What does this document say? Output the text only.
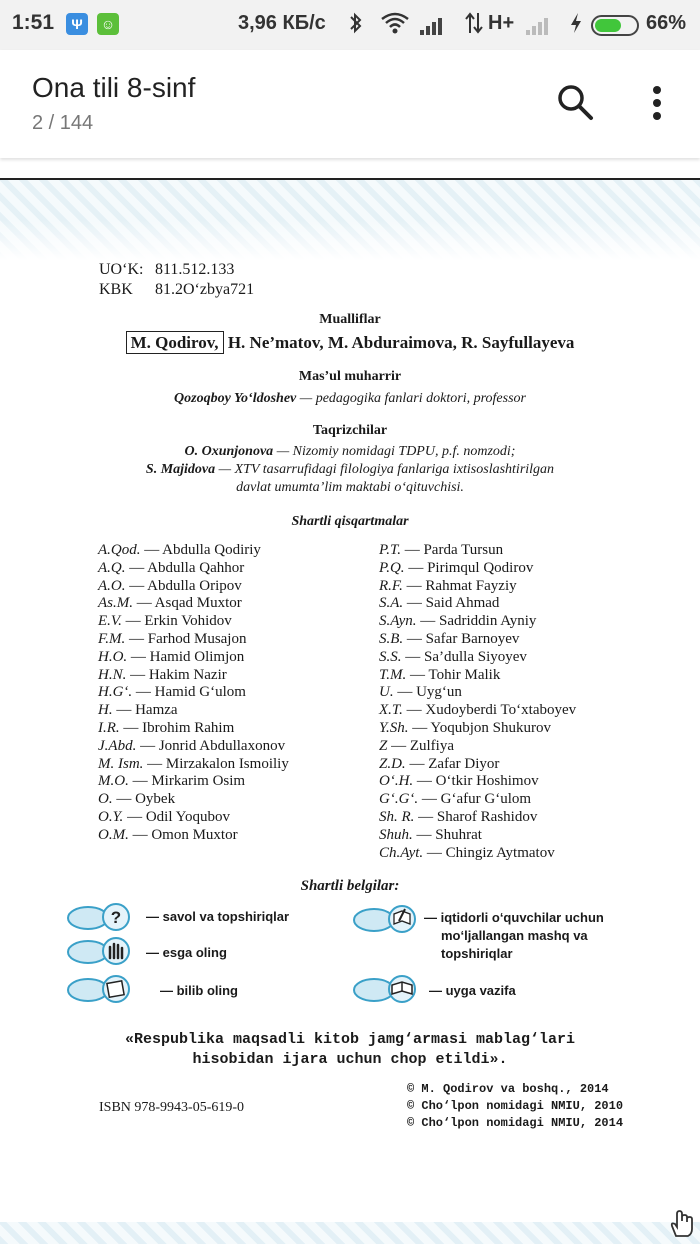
1:51	Ψ	☺	3,96 КБ/с	H+	66%
Ona tili 8-sinf
2 / 144
UO‘K: 811.512.133
KBK 81.2O‘zbya721
Mualliflar
M. Qodirov, H. Ne’matov, M. Abduraimova, R. Sayfullayeva
Mas’ul muharrir
Qozoqboy Yo‘ldoshev — pedagogika fanlari doktori, professor
Taqrizchilar
O. Oxunjonova — Nizomiy nomidagi TDPU, p.f. nomzodi;
S. Majidova — XTV tasarrufidagi filologiya fanlariga ixtisoslashtirilgan
davlat umumta’lim maktabi o‘qituvchisi.
Shartli qisqartmalar
A.Qod. — Abdulla Qodiriy
A.Q. — Abdulla Qahhor
A.O. — Abdulla Oripov
As.M. — Asqad Muxtor
E.V. — Erkin Vohidov
F.M. — Farhod Musajon
H.O. — Hamid Olimjon
H.N. — Hakim Nazir
H.G‘. — Hamid G‘ulom
H. — Hamza
I.R. — Ibrohim Rahim
J.Abd. — Jonrid Abdullaxonov
M. Ism. — Mirzakalon Ismoiliy
M.O. — Mirkarim Osim
O. — Oybek
O.Y. — Odil Yoqubov
O.M. — Omon Muxtor
P.T. — Parda Tursun
P.Q. — Pirimqul Qodirov
R.F. — Rahmat Fayziy
S.A. — Said Ahmad
S.Ayn. — Sadriddin Ayniy
S.B. — Safar Barnoyev
S.S. — Sa’dulla Siyoyev
T.M. — Tohir Malik
U. — Uyg‘un
X.T. — Xudoyberdi To‘xtaboyev
Y.Sh. — Yoqubjon Shukurov
Z — Zulfiya
Z.D. — Zafar Diyor
O‘.H. — O‘tkir Hoshimov
G‘.G‘. — G‘afur G‘ulom
Sh. R. — Sharof Rashidov
Shuh. — Shuhrat
Ch.Ayt. — Chingiz Aytmatov
Shartli belgilar:
? — savol va topshiriqlar
— esga oling
— bilib oling
— iqtidorli o‘quvchilar uchun
mo‘ljallangan mashq va
topshiriqlar
— uyga vazifa
«Respublika maqsadli kitob jamg‘armasi mablag‘lari
hisobidan ijara uchun chop etildi».
ISBN 978-9943-05-619-0
© M. Qodirov va boshq., 2014
© Cho‘lpon nomidagi NMIU, 2010
© Cho‘lpon nomidagi NMIU, 2014
